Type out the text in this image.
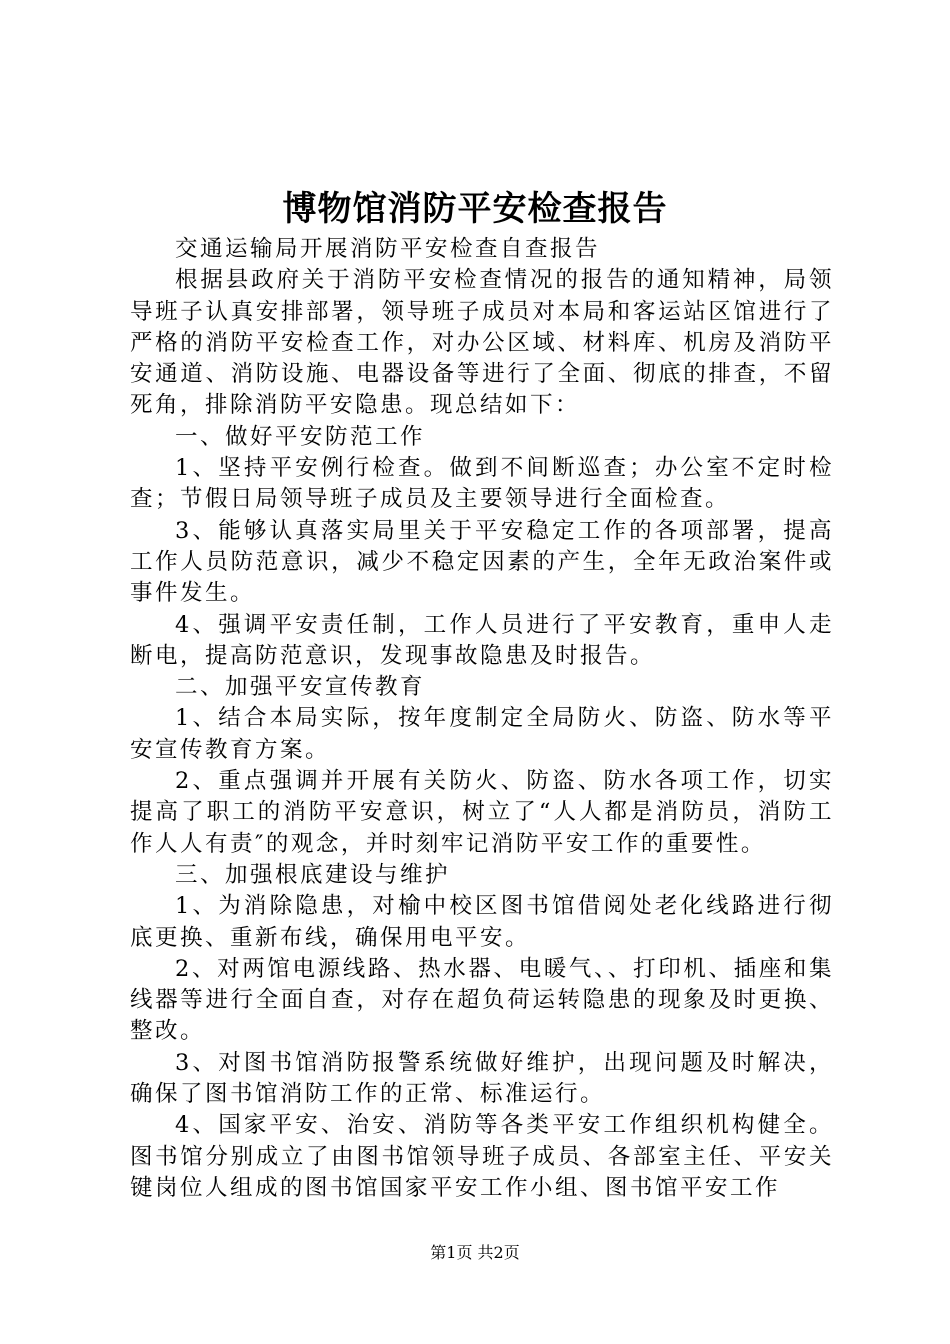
博物馆消防平安检查报告

交通运输局开展消防平安检查自查报告

根据县政府关于消防平安检查情况的报告的通知精神，局领导班子认真安排部署，领导班子成员对本局和客运站区馆进行了严格的消防平安检查工作，对办公区域、材料库、机房及消防平安通道、消防设施、电器设备等进行了全面、彻底的排查，不留死角，排除消防平安隐患。现总结如下：

一、做好平安防范工作

1、坚持平安例行检查。做到不间断巡查；办公室不定时检查；节假日局领导班子成员及主要领导进行全面检查。

3、能够认真落实局里关于平安稳定工作的各项部署，提高工作人员防范意识，减少不稳定因素的产生，全年无政治案件或事件发生。

4、强调平安责任制，工作人员进行了平安教育，重申人走断电，提高防范意识，发现事故隐患及时报告。

二、加强平安宣传教育

1、结合本局实际，按年度制定全局防火、防盗、防水等平安宣传教育方案。

2、重点强调并开展有关防火、防盗、防水各项工作，切实提高了职工的消防平安意识，树立了“人人都是消防员，消防工作人人有责″的观念，并时刻牢记消防平安工作的重要性。

三、加强根底建设与维护

1、为消除隐患，对榆中校区图书馆借阅处老化线路进行彻底更换、重新布线，确保用电平安。

2、对两馆电源线路、热水器、电暖气、、打印机、插座和集线器等进行全面自查，对存在超负荷运转隐患的现象及时更换、整改。

3、对图书馆消防报警系统做好维护，出现问题及时解决，确保了图书馆消防工作的正常、标准运行。

4、国家平安、治安、消防等各类平安工作组织机构健全。图书馆分别成立了由图书馆领导班子成员、各部室主任、平安关键岗位人组成的图书馆国家平安工作小组、图书馆平安工作

第1页 共2页
